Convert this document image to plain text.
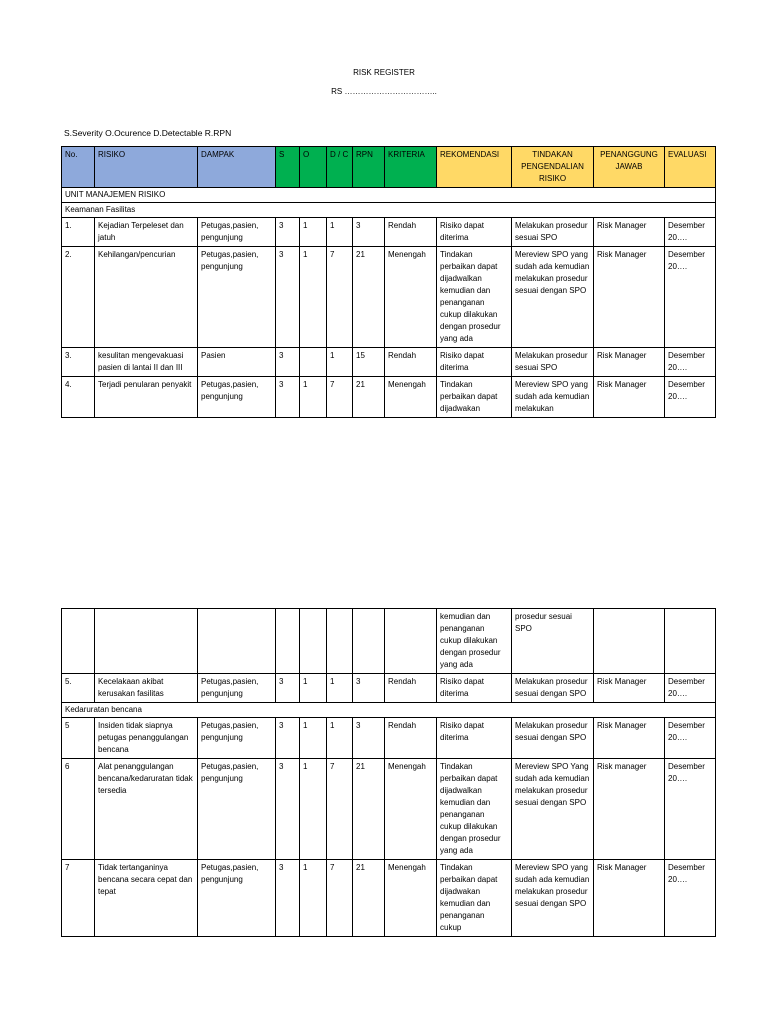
RISK REGISTER
RS ……………………………..
S.Severity O.Ocurence D.Detectable R.RPN
No.	RISIKO	DAMPAK	S	O	D / C	RPN	KRITERIA	REKOMENDASI	TINDAKAN PENGENDALIAN RISIKO	PENANGGUNG JAWAB	EVALUASI
UNIT MANAJEMEN RISIKO											
Keamanan Fasilitas											
1.	Kejadian Terpeleset dan jatuh	Petugas,pasien, pengunjung	3	1	1	3	Rendah	Risiko dapat diterima	Melakukan prosedur sesuai SPO	Risk Manager	Desember 20….
2.	Kehilangan/pencurian	Petugas,pasien, pengunjung	3	1	7	21	Menengah	Tindakan perbaikan dapat dijadwalkan kemudian dan penanganan cukup dilakukan dengan prosedur yang ada	Mereview SPO yang sudah ada kemudian melakukan prosedur sesuai dengan SPO	Risk Manager	Desember 20….
3.	kesulitan mengevakuasi pasien di lantai II dan III	Pasien	3		1	15	Rendah	Risiko dapat diterima	Melakukan prosedur sesuai SPO	Risk Manager	Desember 20….
4.	Terjadi penularan penyakit	Petugas,pasien, pengunjung	3	1	7	21	Menengah	Tindakan perbaikan dapat dijadwakan	Mereview SPO yang sudah ada kemudian melakukan	Risk Manager	Desember 20….
								kemudian dan penanganan cukup dilakukan dengan prosedur yang ada	prosedur sesuai SPO		
5.	Kecelakaan akibat kerusakan fasilitas	Petugas,pasien, pengunjung	3	1	1	3	Rendah	Risiko dapat diterima	Melakukan prosedur sesuai dengan SPO	Risk Manager	Desember 20….
Kedaruratan bencana											
5	Insiden tidak siapnya petugas penanggulangan bencana	Petugas,pasien, pengunjung	3	1	1	3	Rendah	Risiko dapat diterima	Melakukan prosedur sesuai dengan SPO	Risk Manager	Desember 20….
6	Alat penanggulangan bencana/kedaruratan tidak tersedia	Petugas,pasien, pengunjung	3	1	7	21	Menengah	Tindakan perbaikan dapat dijadwalkan kemudian dan penanganan cukup dilakukan dengan prosedur yang ada	Mereview SPO Yang sudah ada kemudian melakukan prosedur sesuai dengan SPO	Risk manager	Desember 20….
7	Tidak tertanganinya bencana secara cepat dan tepat	Petugas,pasien, pengunjung	3	1	7	21	Menengah	Tindakan perbaikan dapat dijadwakan kemudian dan penanganan cukup	Mereview SPO yang sudah ada kemudian melakukan prosedur sesuai dengan SPO	Risk Manager	Desember 20….
